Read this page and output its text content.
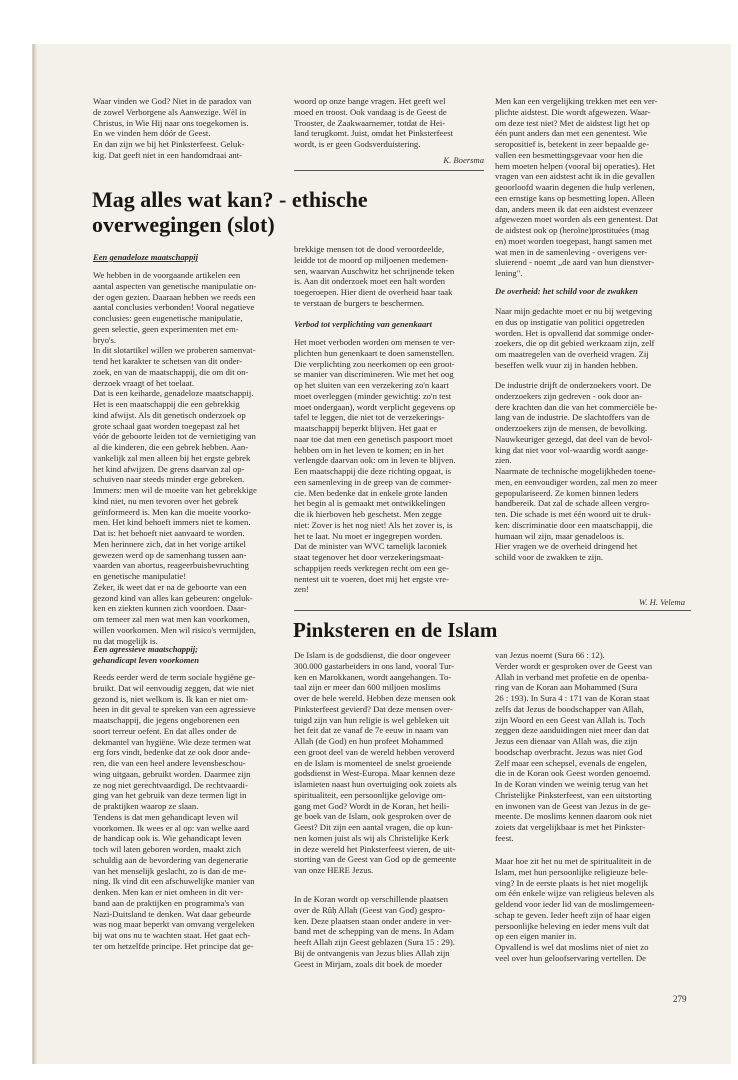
Waar vinden we God? Niet in de paradox van
de zowel Verborgene als Aanwezige. Wèl in
Christus, in Wie Hij naar ons toegekomen is.
En we vinden hem dóór de Geest.
En dan zijn we bij het Pinksterfeest. Geluk-
kig. Dat geeft niet in een handomdraai ant-

woord op onze bange vragen. Het geeft wel
moed en troost. Ook vandaag is de Geest de
Trooster, de Zaakwaarnemer, totdat de Hei-
land terugkomt. Juist, omdat het Pinksterfeest
wordt, is er geen Godsverduistering.

K. Boersma
Mag alles wat kan? - ethische
overwegingen (slot)
Een genadeloze maatschappij

We hebben in de voorgaande artikelen een
aantal aspecten van genetische manipulatie on-
der ogen gezien. Daaraan hebben we reeds een
aantal conclusies verbonden! Vooral negatieve
conclusies: geen eugenetische manipulatie,
geen selectie, geen experimenten met em-
bryo's.
In dit slotartikel willen we proberen samenvat-
tend het karakter te schetsen van dit onder-
zoek, en van de maatschappij, die om dit on-
derzoek vraagt of het toelaat.
Dat is een keiharde, genadeloze maatschappij.
Het is een maatschappij die een gebrekkig
kind afwijst. Als dit genetisch onderzoek op
grote schaal gaat worden toegepast zal het
vóór de geboorte leiden tot de vernietiging van
al die kinderen, die een gebrek hebben. Aan-
vankelijk zal men alleen bij het ergste gebrek
het kind afwijzen. De grens daarvan zal op-
schuiven naar steeds minder erge gebreken.
Immers: men wil de moeite van het gebrekkige
kind niet, nu men tevoren over het gebrek
geïnformeerd is. Men kan die moeite voorko-
men. Het kind behoeft immers niet te komen.
Dat is: het behoeft niet aanvaard te worden.
Men herinnere zich, dat in het vorige artikel
gewezen werd op de samenhang tussen aan-
vaarden van abortus, reageerbuisbevruchting
en genetische manipulatie!
Zeker, ik weet dat er na de geboorte van een
gezond kind van alles kan gebeuren: ongeluk-
ken en ziekten kunnen zich voordoen. Daar-
om temeer zal men wat men kan voorkomen,
willen voorkomen. Men wil risico's vermijden,
nu dat mogelijk is.

Een agressieve maatschappij;
gehandicapt leven voorkomen

Reeds eerder werd de term sociale hygiëne ge-
bruikt. Dat wil eenvoudig zeggen, dat wie niet
gezond is, niet welkom is. Ik kan er niet om-
heen in dit geval te spreken van een agressieve
maatschappij, die jegens ongeborenen een
soort terreur oefent. En dat alles onder de
dekmantel van hygiëne. Wie deze termen wat
erg fors vindt, bedenke dat ze ook door ande-
ren, die van een heel andere levensbeschou-
wing uitgaan, gebruikt worden. Daarmee zijn
ze nog niet gerechtvaardigd. De rechtvaardi-
ging van het gebruik van deze termen ligt in
de praktijken waarop ze slaan.
Tendens is dat men gehandicapt leven wil
voorkomen. Ik wees er al op: van welke aard
de handicap ook is. Wie gehandicapt leven
toch wil laten geboren worden, maakt zich
schuldig aan de bevordering van degeneratie
van het menselijk geslacht, zo is dan de me-
ning. Ik vind dit een afschuwelijke manier van
denken. Men kan er niet omheen in dit ver-
band aan de praktijken en programma's van
Nazi-Duitsland te denken. Wat daar gebeurde
was nog maar beperkt van omvang vergeleken
bij wat ons nu te wachten staat. Het gaat ech-
ter om hetzelfde principe. Het principe dat ge-

brekkige mensen tot de dood veroordeelde,
leidde tot de moord op miljoenen medemen-
sen, waarvan Auschwitz het schrijnende teken
is. Aan dit onderzoek moet een halt worden
toegeroepen. Hier dient de overheid haar taak
te verstaan de burgers te beschermen.

Verbod tot verplichting van genenkaart

Het moet verboden worden om mensen te ver-
plichten hun genenkaart te doen samenstellen.
Die verplichting zou neerkomen op een groot-
se manier van discrimineren. Wie met het oog
op het sluiten van een verzekering zo'n kaart
moet overleggen (minder gewichtig: zo'n test
moet ondergaan), wordt verplicht gegevens op
tafel te leggen, die niet tot de verzekerings-
maatschappij beperkt blijven. Het gaat er
naar toe dat men een genetisch paspoort moet
hebben om in het leven te komen; en in het
verlengde daarvan ook: om in leven te blijven.
Een maatschappij die deze richting opgaat, is
een samenleving in de greep van de commer-
cie. Men bedenke dat in enkele grote landen
het begin al is gemaakt met ontwikkelingen
die ik hierboven heb geschetst. Men zegge
niet: Zover is het nog niet! Als het zover is, is
het te laat. Nu moet er ingegrepen worden.
Dat de minister van WVC tamelijk laconiek
staat tegenover het door verzekeringsmaat-
schappijen reeds verkregen recht om een ge-
nentest uit te voeren, doet mij het ergste vre-
zen!

Men kan een vergelijking trekken met een ver-
plichte aidstest. Die wordt afgewezen. Waar-
om deze test niet? Met de aidstest ligt het op
één punt anders dan met een genentest. Wie
seropositief is, betekent in zeer bepaalde ge-
vallen een besmettingsgevaar voor hen die
hem moeten helpen (vooral bij operaties). Het
vragen van een aidstest acht ik in die gevallen
geoorloofd waarin degenen die hulp verlenen,
een ernstige kans op besmetting lopen. Alleen
dan, anders meen ik dat een aidstest evenzeer
afgewezen moet worden als een genentest. Dat
de aidstest ook op (heroïne)prostituées (mag
en) moet worden toegepast, hangt samen met
wat men in de samenleving - overigens ver-
sluierend - noemt ,,de aard van hun dienstver-
lening".

De overheid: het schild voor de zwakken

Naar mijn gedachte moet er nu bij wetgeving
en dus op instigatie van politici opgetreden
worden. Het is opvallend dat sommige onder-
zoekers, die op dit gebied werkzaam zijn, zelf
om maatregelen van de overheid vragen. Zij
beseffen welk vuur zij in handen hebben.

De industrie drijft de onderzoekers voort. De
onderzoekers zijn gedreven - ook door an-
dere krachten dan die van het commerciële be-
lang van de industrie. De slachtoffers van de
onderzoekers zijn de mensen, de bevolking.
Nauwkeuriger gezegd, dat deel van de bevol-
king dat niet voor vol-waardig wordt aange-
zien.
Naarmate de technische mogelijkheden toene-
men, en eenvoudiger worden, zal men zo meer
gepopulariseerd. Ze komen binnen leders
handbereik. Dat zal de schade alleen vergro-
ten. Die schade is met één woord uit te druk-
ken: discriminatie door een maatschappij, die
humaan wil zijn, maar genadeloos is.
Hier vragen we de overheid dringend het
schild voor de zwakken te zijn.

W. H. Velema
Pinksteren en de Islam

De Islam is de godsdienst, die door ongeveer
300.000 gastarbeiders in ons land, vooral Tur-
ken en Marokkanen, wordt aangehangen. To-
taal zijn er meer dan 600 miljoen moslims
over de hele wereld. Hebben deze mensen ook
Pinksterfeest gevierd? Dat deze mensen over-
tuigd zijn van hun religie is wel gebleken uit
het feit dat ze vanaf de 7e eeuw in naam van
Allah (de God) en hun profeet Mohammed
een groot deel van de wereld hebben veroverd
en de Islam is momenteel de snelst groeiende
godsdienst in West-Europa. Maar kennen deze
islamieten naast hun overtuiging ook zoiets als
spiritualiteit, een persoonlijke gelovige om-
gang met God? Wordt in de Koran, het heili-
ge boek van de Islam, ook gesproken over de
Geest? Dit zijn een aantal vragen, die op kun-
nen komen juist als wij als Christelijke Kerk
in deze wereld het Pinksterfeest vieren, de uit-
storting van de Geest van God op de gemeente
van onze HERE Jezus.

In de Koran wordt op verschillende plaatsen
over de Rûḥ Allah (Geest van God) gespro-
ken. Deze plaatsen staan onder andere in ver-
band met de schepping van de mens. In Adam
heeft Allah zijn Geest geblazen (Sura 15 : 29).
Bij de ontvangenis van Jezus blies Allah zijn
Geest in Mirjam, zoals dit boek de moeder

van Jezus noemt (Sura 66 : 12).
Verder wordt er gesproken over de Geest van
Allah in verband met profetie en de openba-
ring van de Koran aan Mohammed (Sura
26 : 193). In Sura 4 : 171 van de Koran staat
zelfs dat Jezus de boodschapper van Allah,
zijn Woord en een Geest van Allah is. Toch
zeggen deze aanduidingen niet meer dan dat
Jezus een dienaar van Allah was, die zijn
boodschap overbracht. Jezus was niet God
Zelf maar een schepsel, evenals de engelen,
die in de Koran ook Geest worden genoemd.
In de Koran vinden we weinig terug van het
Christelijke Pinksterfeest, van een uitstorting
en inwonen van de Geest van Jezus in de ge-
meente. De moslims kennen daarom ook niet
zoiets dat vergelijkbaar is met het Pinkster-
feest.

Maar hoe zit het nu met de spiritualiteit in de
Islam, met hun persoonlijke religieuze bele-
ving? In de eerste plaats is het niet mogelijk
om één enkele wijze van religieus beleven als
geldend voor ieder lid van de moslimgemeen-
schap te geven. Ieder heeft zijn of haar eigen
persoonlijke beleving en ieder mens vult dat
op een eigen manier in.
Opvallend is wel dat moslims niet of niet zo
veel over hun geloofservaring vertellen. De

279
